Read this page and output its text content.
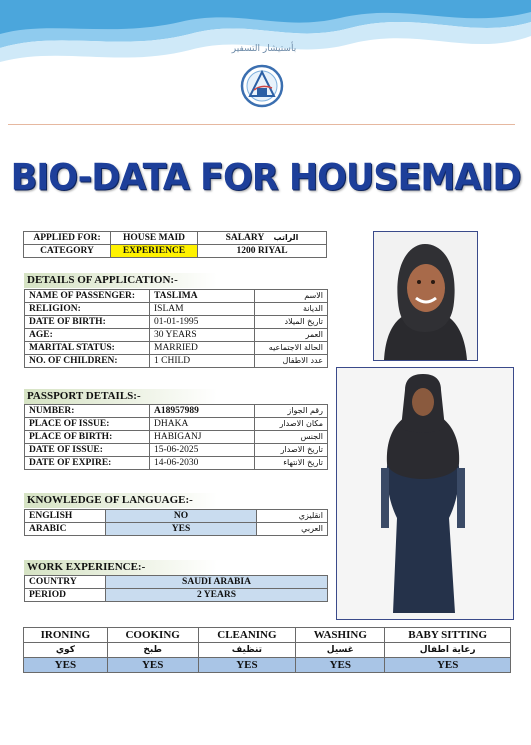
ﺑﺄﺳﺘﻴﺸﺎﺭ ﺍﻟﺘﺴﻔﻴﺮ
BIO-DATA FOR HOUSEMAID
APPLIED FOR:	HOUSE MAID	SALARY الراتب
CATEGORY	EXPERIENCE	1200 RIYAL
DETAILS OF APPLICATION:-
NAME OF PASSENGER:	TASLIMA	الاسم
RELIGION:	ISLAM	الديانة
DATE OF BIRTH:	01-01-1995	تاريخ الميلاد
AGE:	30 YEARS	العمر
MARITAL STATUS:	MARRIED	الحالة الاجتماعيه
NO. OF CHILDREN:	1 CHILD	عدد الاطفال
PASSPORT DETAILS:-
NUMBER:	A18957989	رقم الجواز
PLACE OF ISSUE:	DHAKA	مكان الاصدار
PLACE OF BIRTH:	HABIGANJ	الجنس
DATE OF ISSUE:	15-06-2025	تاريخ الاصدار
DATE OF EXPIRE:	14-06-2030	تاريخ الانتهاء
KNOWLEDGE OF LANGUAGE:-
ENGLISH	NO	انقليزي
ARABIC	YES	العربي
WORK EXPERIENCE:-
COUNTRY	SAUDI ARABIA
PERIOD	2 YEARS
IRONING	COOKING	CLEANING	WASHING	BABY SITTING
كوي	طبخ	تنظيف	غسيل	رعاية اطفال
YES	YES	YES	YES	YES
